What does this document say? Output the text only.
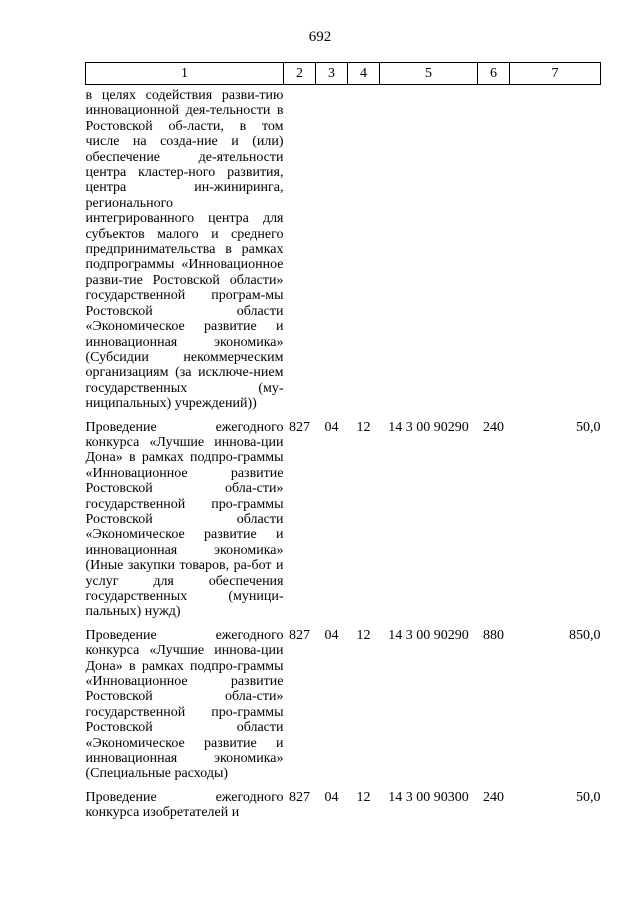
692
1	2	3	4	5	6	7
в целях содействия разви-тию инновационной дея-тельности в Ростовской об-ласти, в том числе на созда-ние и (или) обеспечение де-ятельности центра кластер-ного развития, центра ин-жиниринга, регионального интегрированного центра для субъектов малого и среднего предпринимательства в рамках подпрограммы «Инновационное разви-тие Ростовской области» государственной програм-мы Ростовской области «Экономическое развитие и инновационная экономика» (Субсидии некоммерческим организациям (за исключе-нием государственных (му-ниципальных) учреждений))						
Проведение ежегодного конкурса «Лучшие иннова-ции Дона» в рамках подпро-граммы «Инновационное развитие Ростовской обла-сти» государственной про-граммы Ростовской области «Экономическое развитие и инновационная экономика» (Иные закупки товаров, ра-бот и услуг для обеспечения государственных (муници-пальных) нужд)	827	04	12	14 3 00 90290	240	50,0
Проведение ежегодного конкурса «Лучшие иннова-ции Дона» в рамках подпро-граммы «Инновационное развитие Ростовской обла-сти» государственной про-граммы Ростовской области «Экономическое развитие и инновационная экономика» (Специальные расходы)	827	04	12	14 3 00 90290	880	850,0
Проведение ежегодного конкурса изобретателей и	827	04	12	14 3 00 90300	240	50,0
